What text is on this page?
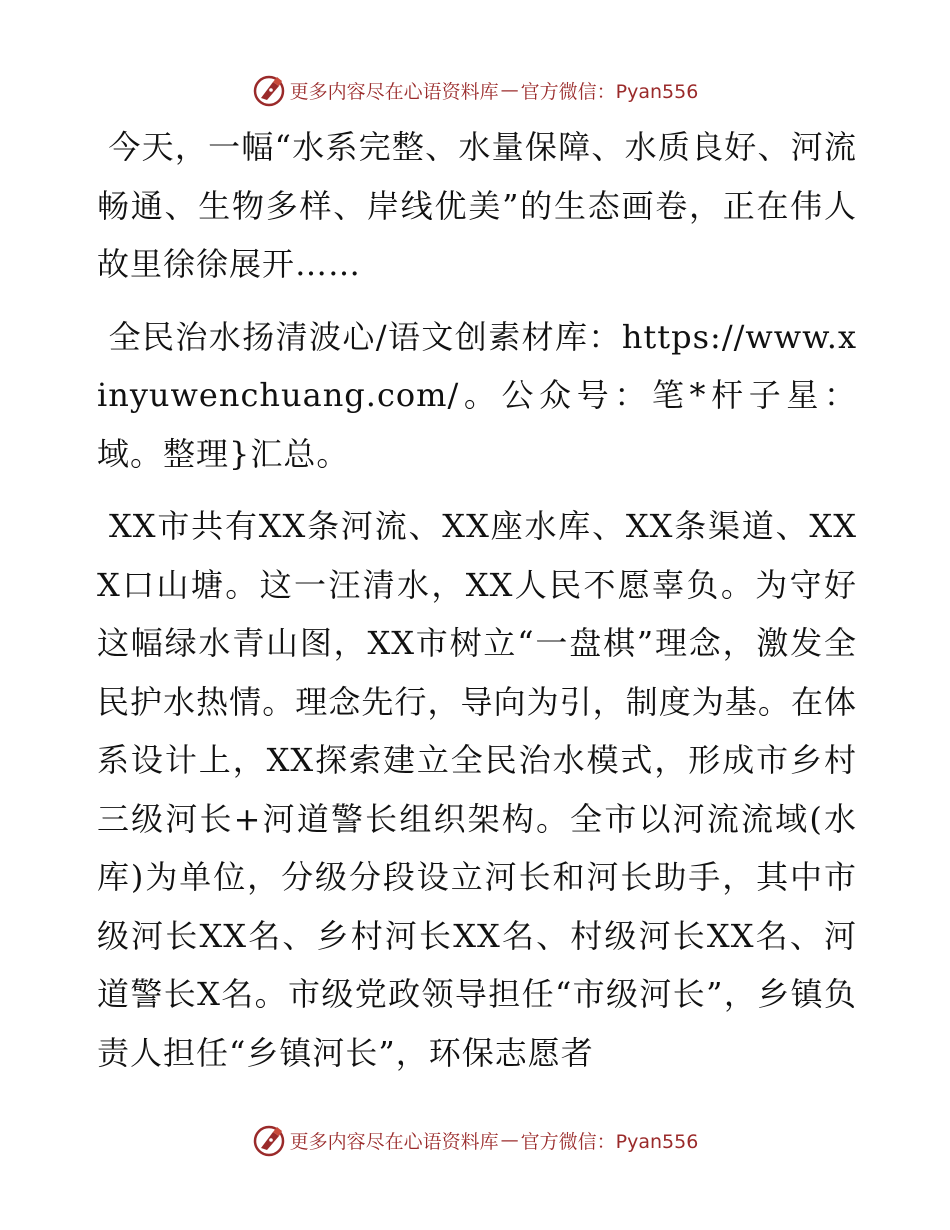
更多内容尽在心语资料库 — 官方微信：Pyan556

今天，一幅“水系完整、水量保障、水质良好、河流畅通、生物多样、岸线优美”的生态画卷，正在伟人故里徐徐展开……

全民治水扬清波心/语文创素材库：https://www.xinyuwenchuang.com/。公众号：笔*杆子星：域。整理}汇总。

XX市共有XX条河流、XX座水库、XX条渠道、XXX口山塘。这一汪清水，XX人民不愿辜负。为守好这幅绿水青山图，XX市树立“一盘棋”理念，激发全民护水热情。理念先行，导向为引，制度为基。在体系设计上，XX探索建立全民治水模式，形成市乡村三级河长+河道警长组织架构。全市以河流流域(水库)为单位，分级分段设立河长和河长助手，其中市级河长XX名、乡村河长XX名、村级河长XX名、河道警长X名。市级党政领导担任“市级河长”，乡镇负责人担任“乡镇河长”，环保志愿者

更多内容尽在心语资料库 — 官方微信：Pyan556
